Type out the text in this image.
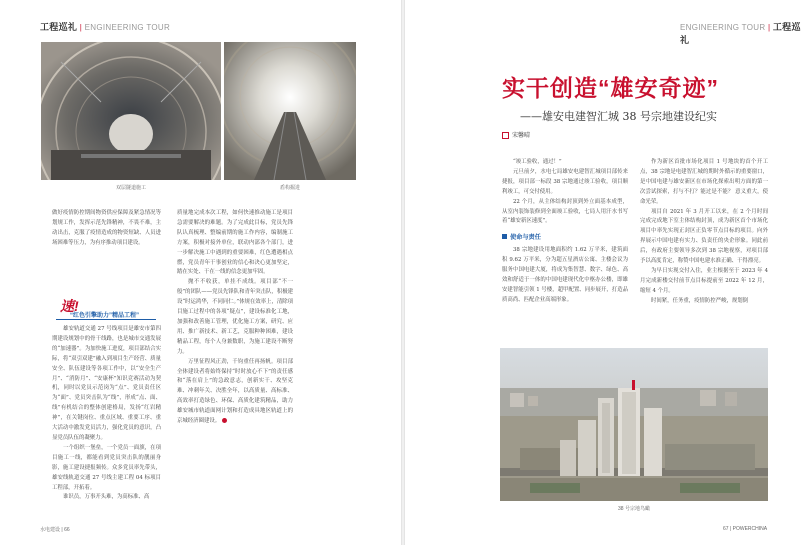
工程巡礼 | ENGINEERING TOUR	ENGINEERING TOUR | 工程巡礼
双层隧道施工	盾构掘进

做好疫情防控期间物资供应保障及紧急情况等划规工作，发挥示范先锋精神，不畏不难，主动出击，克服了疫情造成的物资短缺、人员进场困难等压力，为有序推动项目建设。

速!
“红色引擎助力”精品工程”

雄安轨道交通 27 号线项目是雄安市第四期建设规划中的骨干线路，也是城市交通发展的“加速器”。为加快施工进度，项目部结合实际，将“双引双建”融入到项目生产经营、质量安全、队伍建设等各项工作中，以“安全生产月”、“消防月”、“安康杯”知识竞赛活动为契机，同时以党员示范岗为“点”、党员责任区为“面”、党员突击队为“线”，形成“点、面、线”有机结合的整体创建格局，发扬“红岩精神”，在关键岗位、重点区域、重要工序、重大活动中激发党员活力，强化党员的意识，凸显党员队伍的凝聚力。

一个组织一堡垒，一个党员一面旗，在项目施工一线，都能看到党员突击队的靓丽身影，施工建设捷报频传。众多党员率先带头，雄安线轨道交通 27 号线主建工程 04 标项目工程部，开拓着。

谁识员，万事开头难，为高标准、高

质量地完成本次工程，如何快速推动施工是项目急需要解决的难题。为了完成此目标，党员先锋队认真梳理、整编前期的施工作内容，编制施工方案，积极对接外单位，联动内部各个部门，进一步解决施工中遇到的重要困难，红色遭遇相点燃，党员青年干事创业的信心和决心更加坚定，踏在实处、干在一线的信念更加牢固。

抛不不收获，单挂不成线。项目部“不一般”的团队——党员先锋队和青年突击队，积极建设“时运鸿华，不同同仁。”体规在效率上，清除项目施工过程中的各项“疑点”，建设标准化工地，加强和改善施工管理，优化施工方案，研究、应用、推广新技术、新工艺，克服种种困难，建设精品工程，每个人身兼数职，为施工建设不断努力。

万里征程风正劲，千钧重任再扬帆。项目部全体建设者将始终保持“时时放心不下”的责任感和“落在肩上”的急政意志，创新实干、攻坚克难、冲刺年关、决胜全年，以高质量、高标准、高效率打造绿色、环保、高质化建筑精品，助力雄安城市轨道面网计划和打造成具地区轨道上的京城经济圈建设。

水电建设 | 66
实干创造“雄安奇迹”
——雄安电建智汇城 38 号宗地建设纪实
宋馨晴

“竣工验收，通过！”

元旦前夕，水电七局雄安电建智汇城项目部传来捷报，项目部一标段 38 宗地通过竣工验收，项目顺利竣工，可交付使用。

22 个月，从主体结构封顶到外立面基本成型，从室内装饰装修到全面竣工验收，七局人用汗水书写着“雄安新区速度”。

使命与责任

38 宗地建设用地面积约 1.62 万平米，建筑面积 9.62 万平米，分为超五星酒店公寓、主楼会议为服务中国电建大厦，将成为集智慧、数字、绿色、高效和舒适于一体的中国电建现代化中枢办公楼，即雄安建智能引领 1 号楼，超甲配置、同步展开，打造品质高尚、匹配企业高端形象。

作为新区首批市场化项目 1 号地块的首个开工点，38 宗地是电建智汇城的期时外循示的重要窗口，是中国电建与雄安新区在市场化探索出明方面的第一次尝试探索，打与不打？能过是不能？ 意义重大，使命光荣。

项目自 2021 年 3 月开工以来，在 2 个月时间完成完成地下室主体结构封顶，成为新区首个市场化项目中率先实现正封区正负零节点目标的项目。向外界展示中国电建有实力、负责任的央企形象。同此前后，有政府主要领导多次到 38 宗地视察，对项目部予以高度肯定，称赞中国电建水准正确、干得漂亮。

为早日实现交付入住，业主根据至于 2023 年 4 月完成新楼交付前节点目标提前至 2022 年 12 月，缩短 4 个月。

时间紧，任务重，疫情防控严峻，规划倒

38 号宗地鸟瞰
67 | POWERCHINA
